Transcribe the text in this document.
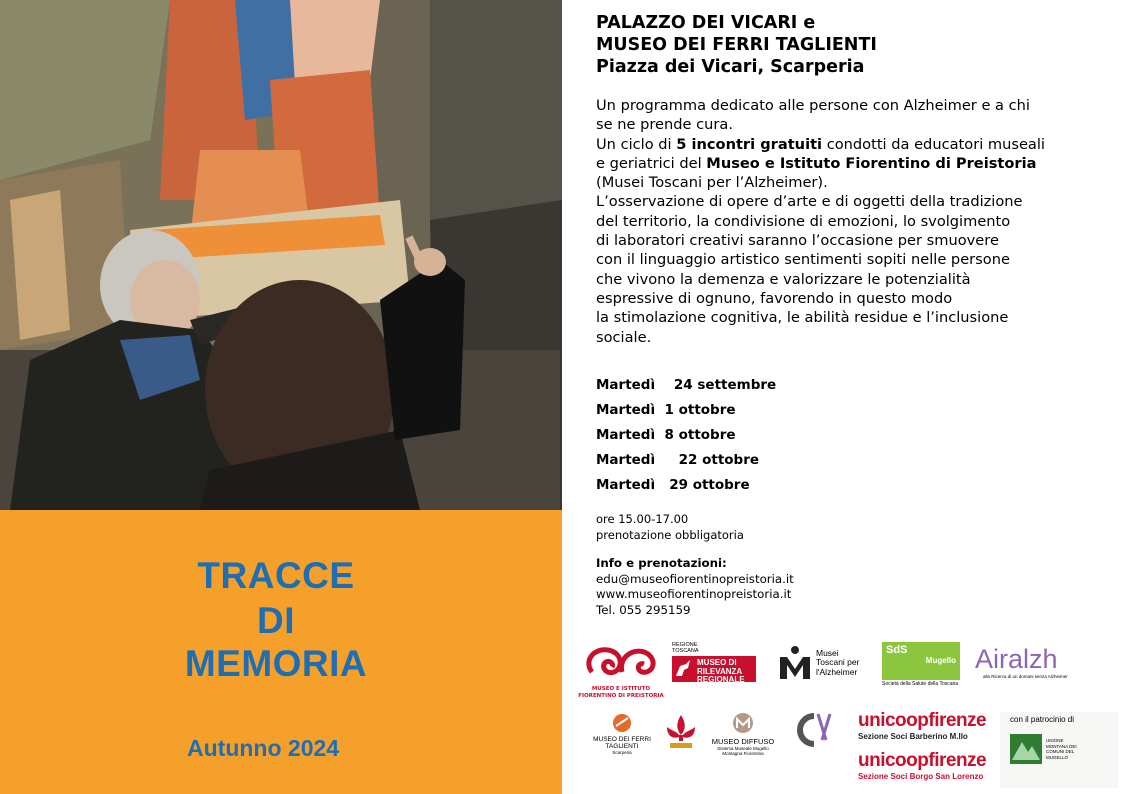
TRACCE
DI
MEMORIA
Autunno 2024
PALAZZO DEI VICARI e
MUSEO DEI FERRI TAGLIENTI
Piazza dei Vicari, Scarperia

Un programma dedicato alle persone con Alzheimer e a chi

se ne prende cura.

Un ciclo di 5 incontri gratuiti condotti da educatori museali

e geriatrici del Museo e Istituto Fiorentino di Preistoria

(Musei Toscani per l’Alzheimer).

L’osservazione di opere d’arte e di oggetti della tradizione

del territorio, la condivisione di emozioni, lo svolgimento

di laboratori creativi saranno l’occasione per smuovere

con il linguaggio artistico sentimenti sopiti nelle persone

che vivono la demenza e valorizzare le potenzialità

espressive di ognuno, favorendo in questo modo

la stimolazione cognitiva, le abilità residue e l’inclusione

sociale.

Martedì    24 settembre
Martedì  1 ottobre
Martedì  8 ottobre
Martedì     22 ottobre
Martedì   29 ottobre
ore 15.00-17.00
prenotazione obbligatoria
Info e prenotazioni:
edu@museofiorentinopreistoria.it
www.museofiorentinopreistoria.it
Tel. 055 295159
MUSEO E ISTITUTO FIORENTINO DI PREISTORIA
REGIONE TOSCANA
MUSEO DI RILEVANZA REGIONALE
Musei Toscani per l'Alzheimer
SdS
Mugello
Società della Salute della Toscana
Airalzh
alla Ricerca di un domani senza Alzheimer
MUSEO DEI FERRI TAGLIENTI
Scarperia
MUSEO DIFFUSO
Sistema Museale Mugello Montagna Fiorentina
unicoopfirenze
Sezione Soci Barberino M.llo
unicoopfirenze
Sezione Soci Borgo San Lorenzo
con il patrocinio di
UNIONE MONTANA DEI COMUNI DEL MUGELLO
